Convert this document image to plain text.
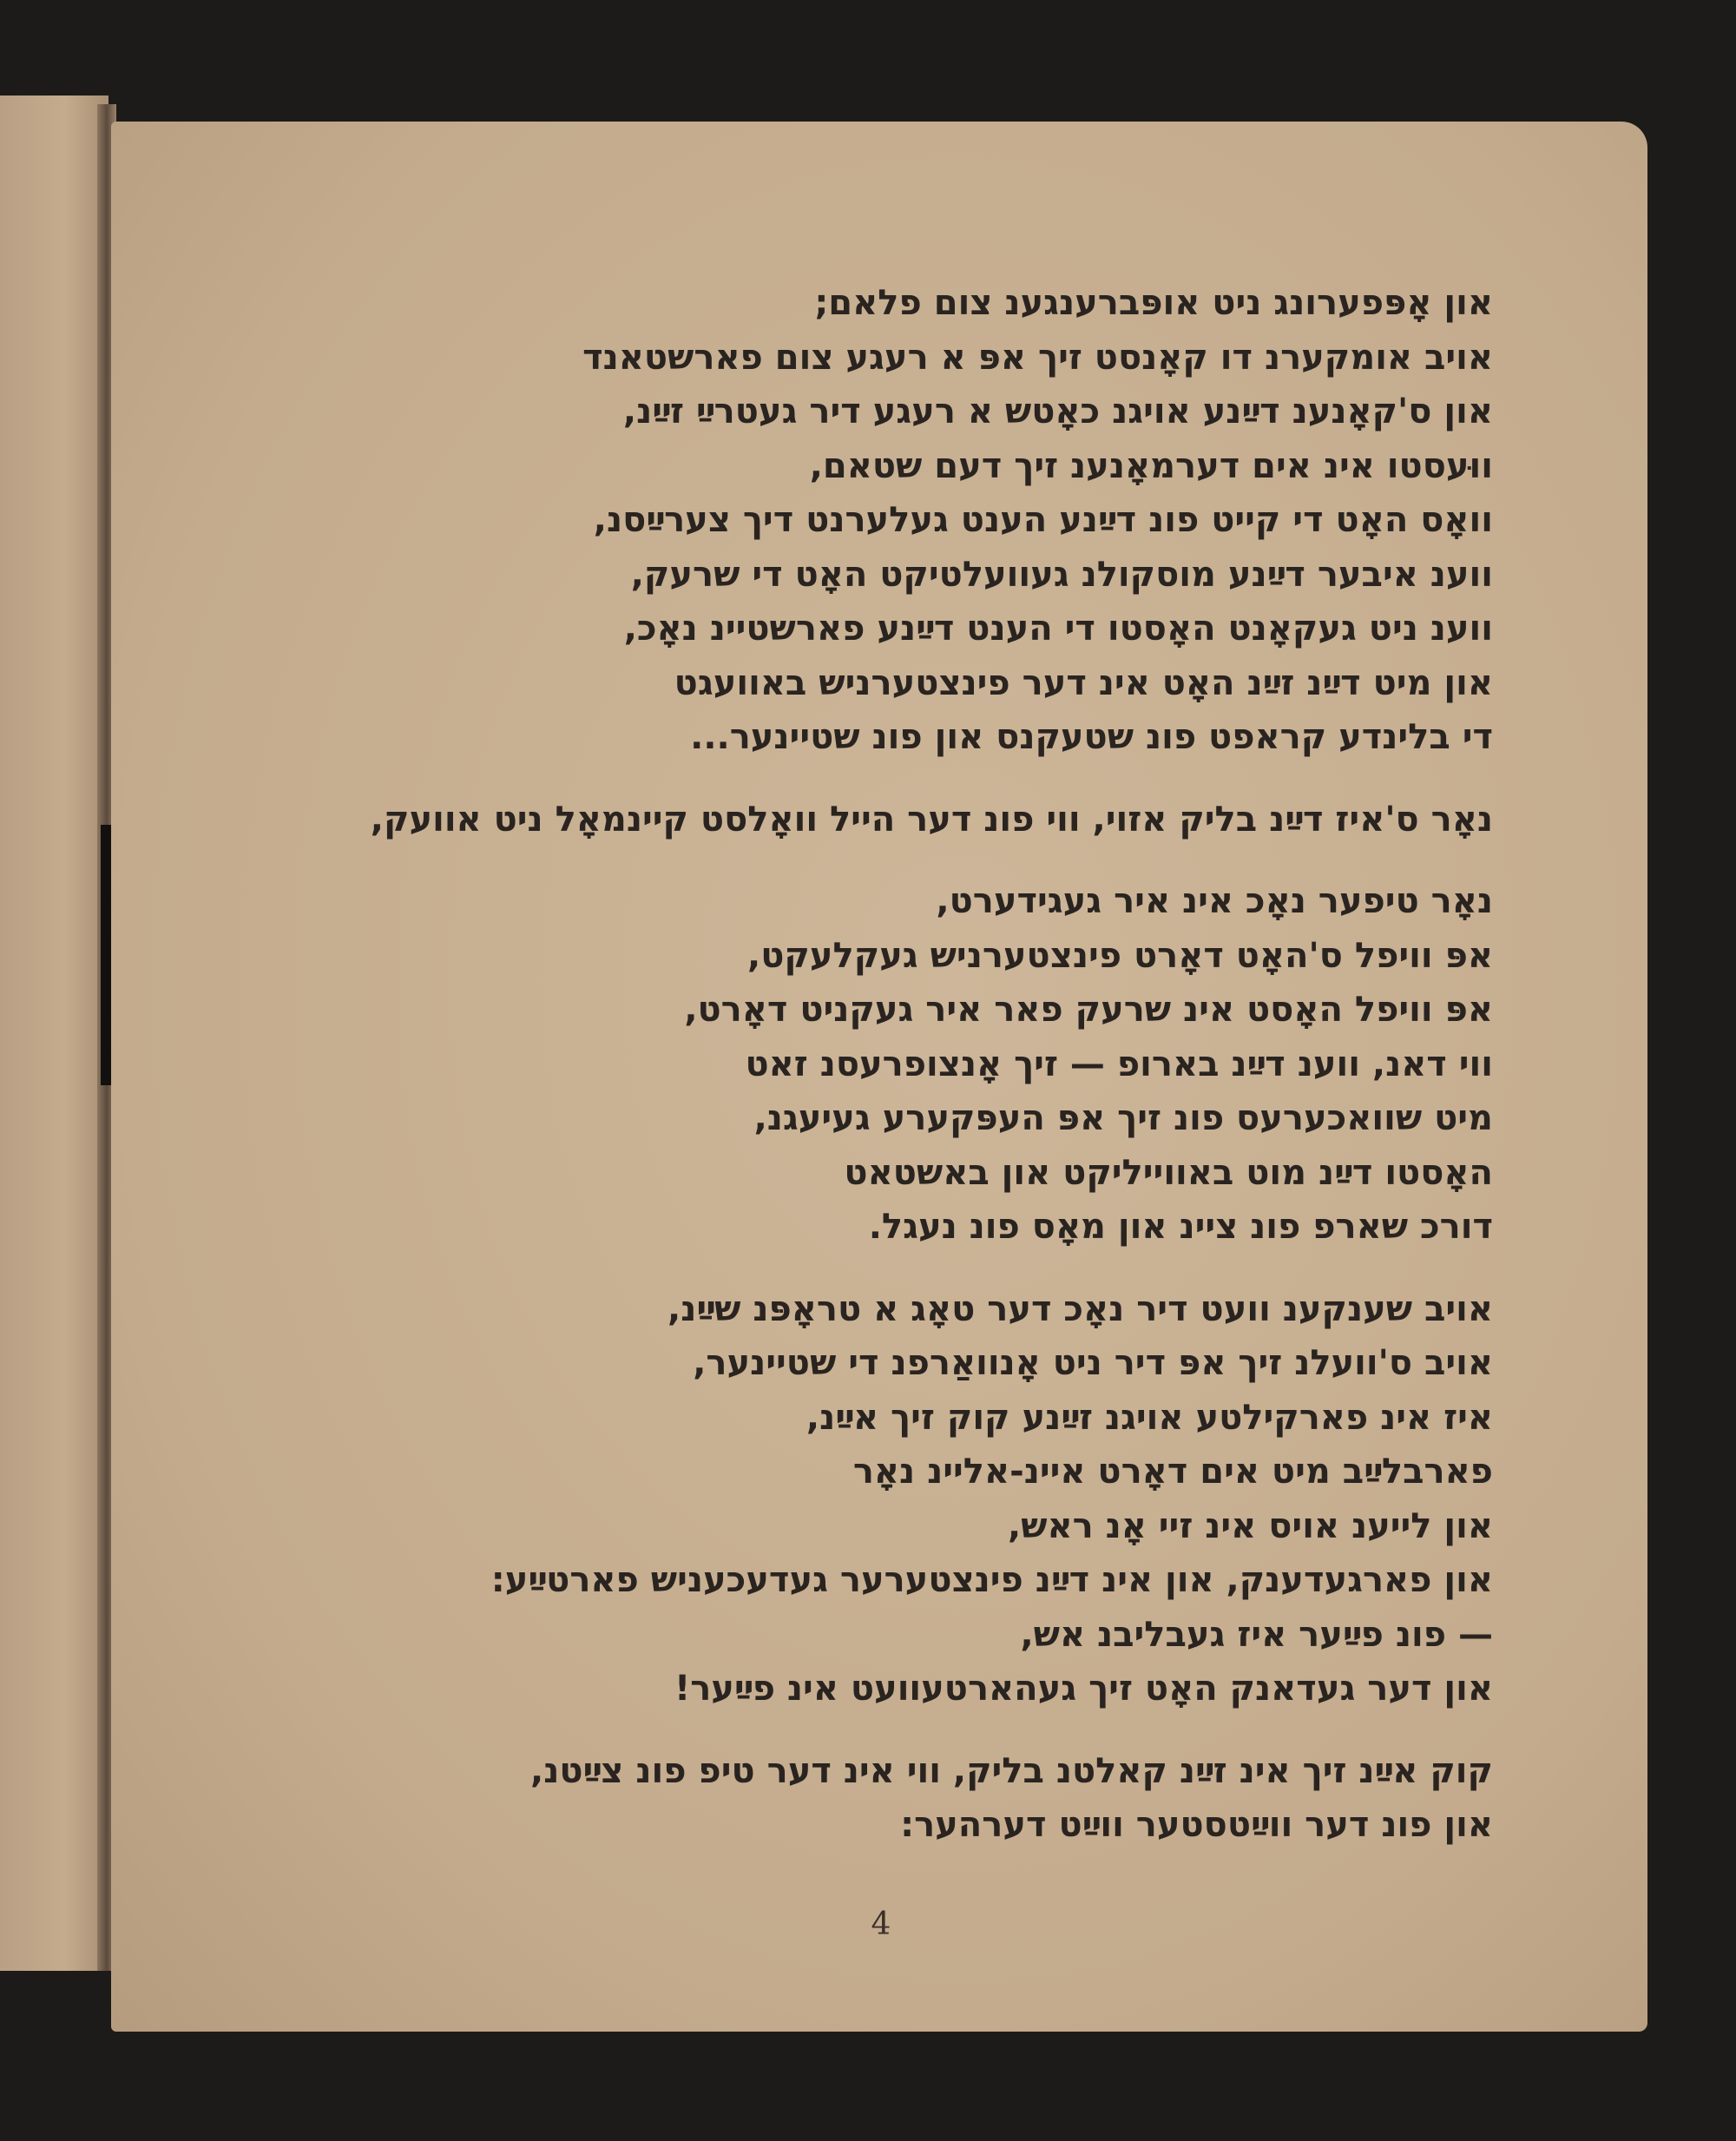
און אָפּפערונג ניט אופּברענגענ צום פלאם;
אויב אומקערנ דו קאָנסט זיך אפּ א רעגע צום פארשטאנד
און ס'קאָנענ דײַנע אויגנ כאָטש א רעגע דיר געטרײַ זײַנ,
ווּעסטו אינ אים דערמאָנענ זיך דעם שטאם,
וואָס האָט די קייט פונ דײַנע הענט געלערנט דיך צערײַסנ,
ווענ איבער דײַנע מוסקולנ געוועלטיקט האָט די שרעק,
ווענ ניט געקאָנט האָסטו די הענט דײַנע פארשטיינ נאָכ,
און מיט דײַנ זײַנ האָט אינ דער פינצטערניש באוועגט
די בלינדע קראפט פונ שטעקנס און פונ שטיינער...
נאָר ס'איז דײַנ בליק אזוי, ווי פונ דער הייל וואָלסט קיינמאָל ניט אוועק,
נאָר טיפער נאָכ אינ איר געגידערט,
אפּ וויפל ס'האָט דאָרט פינצטערניש געקלעקט,
אפּ וויפל האָסט אינ שרעק פאר איר געקניט דאָרט,
ווי דאנ, ווענ דײַנ בארופ — זיך אָנצופרעסנ זאט
מיט שוואכערעס פונ זיך אפּ העפּקערע געיעגנ,
האָסטו דײַנ מוט באווייליקט און באשטאט
דורכ שארפ פונ ציינ און מאָס פונ נעגל.
אויב שענקענ וועט דיר נאָכ דער טאָג א טראָפּנ שײַנ,
אויב ס'וועלנ זיך אפּ דיר ניט אָנוואַרפנ די שטיינער,
איז אינ פארקילטע אויגנ זײַנע קוק זיך אײַנ,
פארבלײַב מיט אים דאָרט איינ-אליינ נאָר
און לייענ אויס אינ זיי אָנ ראש,
און פארגעדענק, און אינ דײַנ פינצטערער געדעכעניש פארטײַע:
— פונ פײַער איז געבליבנ אש,
און דער געדאנק האָט זיך געהארטעוועט אינ פײַער!
קוק אײַנ זיך אינ זײַנ קאלטנ בליק, ווי אינ דער טיפ פונ צײַטנ,
און פונ דער ווײַטסטער ווײַט דערהער:
4
